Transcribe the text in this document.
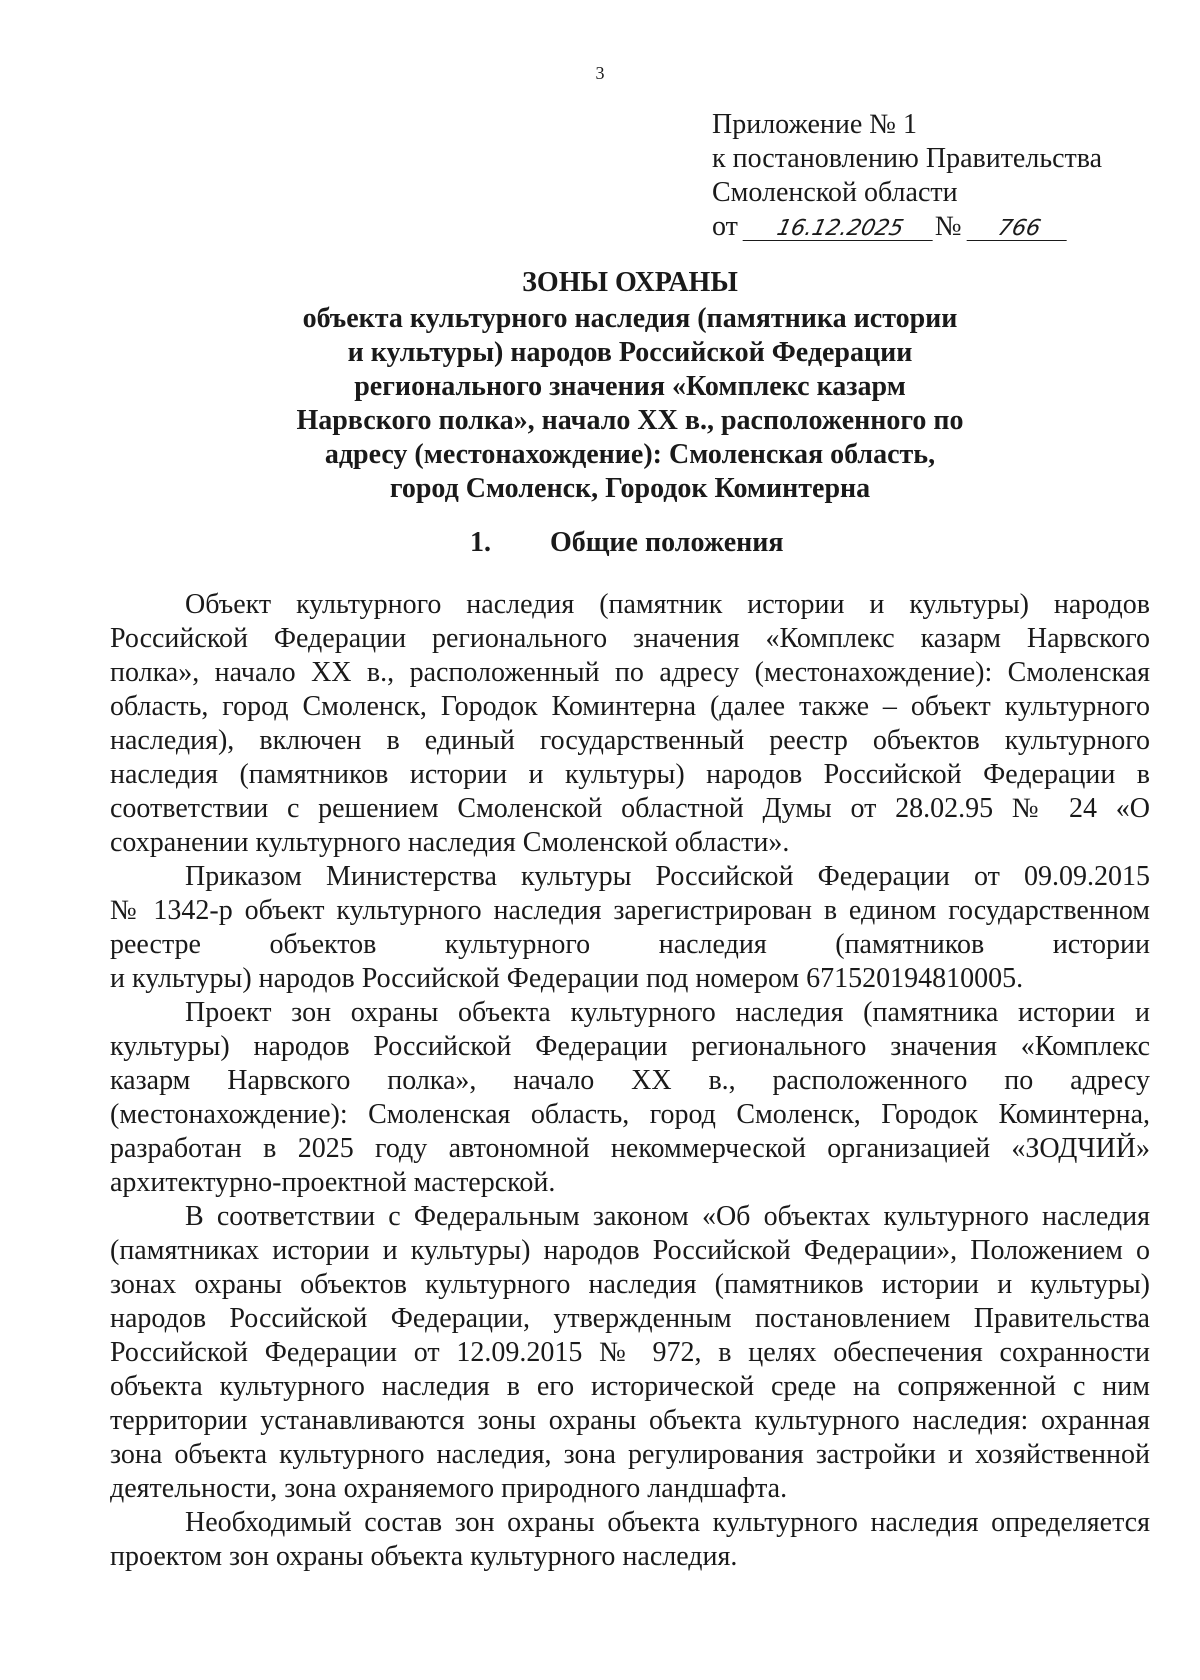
3
Приложение № 1
к постановлению Правительства
Смоленской области
от 16.12.2025 № 766
ЗОНЫ ОХРАНЫ
объекта культурного наследия (памятника истории
и культуры) народов Российской Федерации
регионального значения «Комплекс казарм
Нарвского полка», начало XX в., расположенного по
адресу (местонахождение): Смоленская область,
город Смоленск, Городок Коминтерна
1. Общие положения
Объект культурного наследия (памятник истории и культуры) народов
Российской Федерации регионального значения «Комплекс казарм Нарвского
полка», начало XX в., расположенный по адресу (местонахождение): Смоленская
область, город Смоленск, Городок Коминтерна (далее также – объект культурного
наследия), включен в единый государственный реестр объектов культурного
наследия (памятников истории и культуры) народов Российской Федерации в
соответствии с решением Смоленской областной Думы от 28.02.95 № 24 «О
сохранении культурного наследия Смоленской области».
Приказом Министерства культуры Российской Федерации от 09.09.2015
№ 1342-р объект культурного наследия зарегистрирован в едином государственном
реестре объектов культурного наследия (памятников истории
и культуры) народов Российской Федерации под номером 671520194810005.
Проект зон охраны объекта культурного наследия (памятника истории и
культуры) народов Российской Федерации регионального значения «Комплекс
казарм Нарвского полка», начало XX в., расположенного по адресу
(местонахождение): Смоленская область, город Смоленск, Городок Коминтерна,
разработан в 2025 году автономной некоммерческой организацией «ЗОДЧИЙ»
архитектурно-проектной мастерской.
В соответствии с Федеральным законом «Об объектах культурного наследия
(памятниках истории и культуры) народов Российской Федерации», Положением о
зонах охраны объектов культурного наследия (памятников истории и культуры)
народов Российской Федерации, утвержденным постановлением Правительства
Российской Федерации от 12.09.2015 № 972, в целях обеспечения сохранности
объекта культурного наследия в его исторической среде на сопряженной с ним
территории устанавливаются зоны охраны объекта культурного наследия: охранная
зона объекта культурного наследия, зона регулирования застройки и хозяйственной
деятельности, зона охраняемого природного ландшафта.
Необходимый состав зон охраны объекта культурного наследия определяется
проектом зон охраны объекта культурного наследия.
